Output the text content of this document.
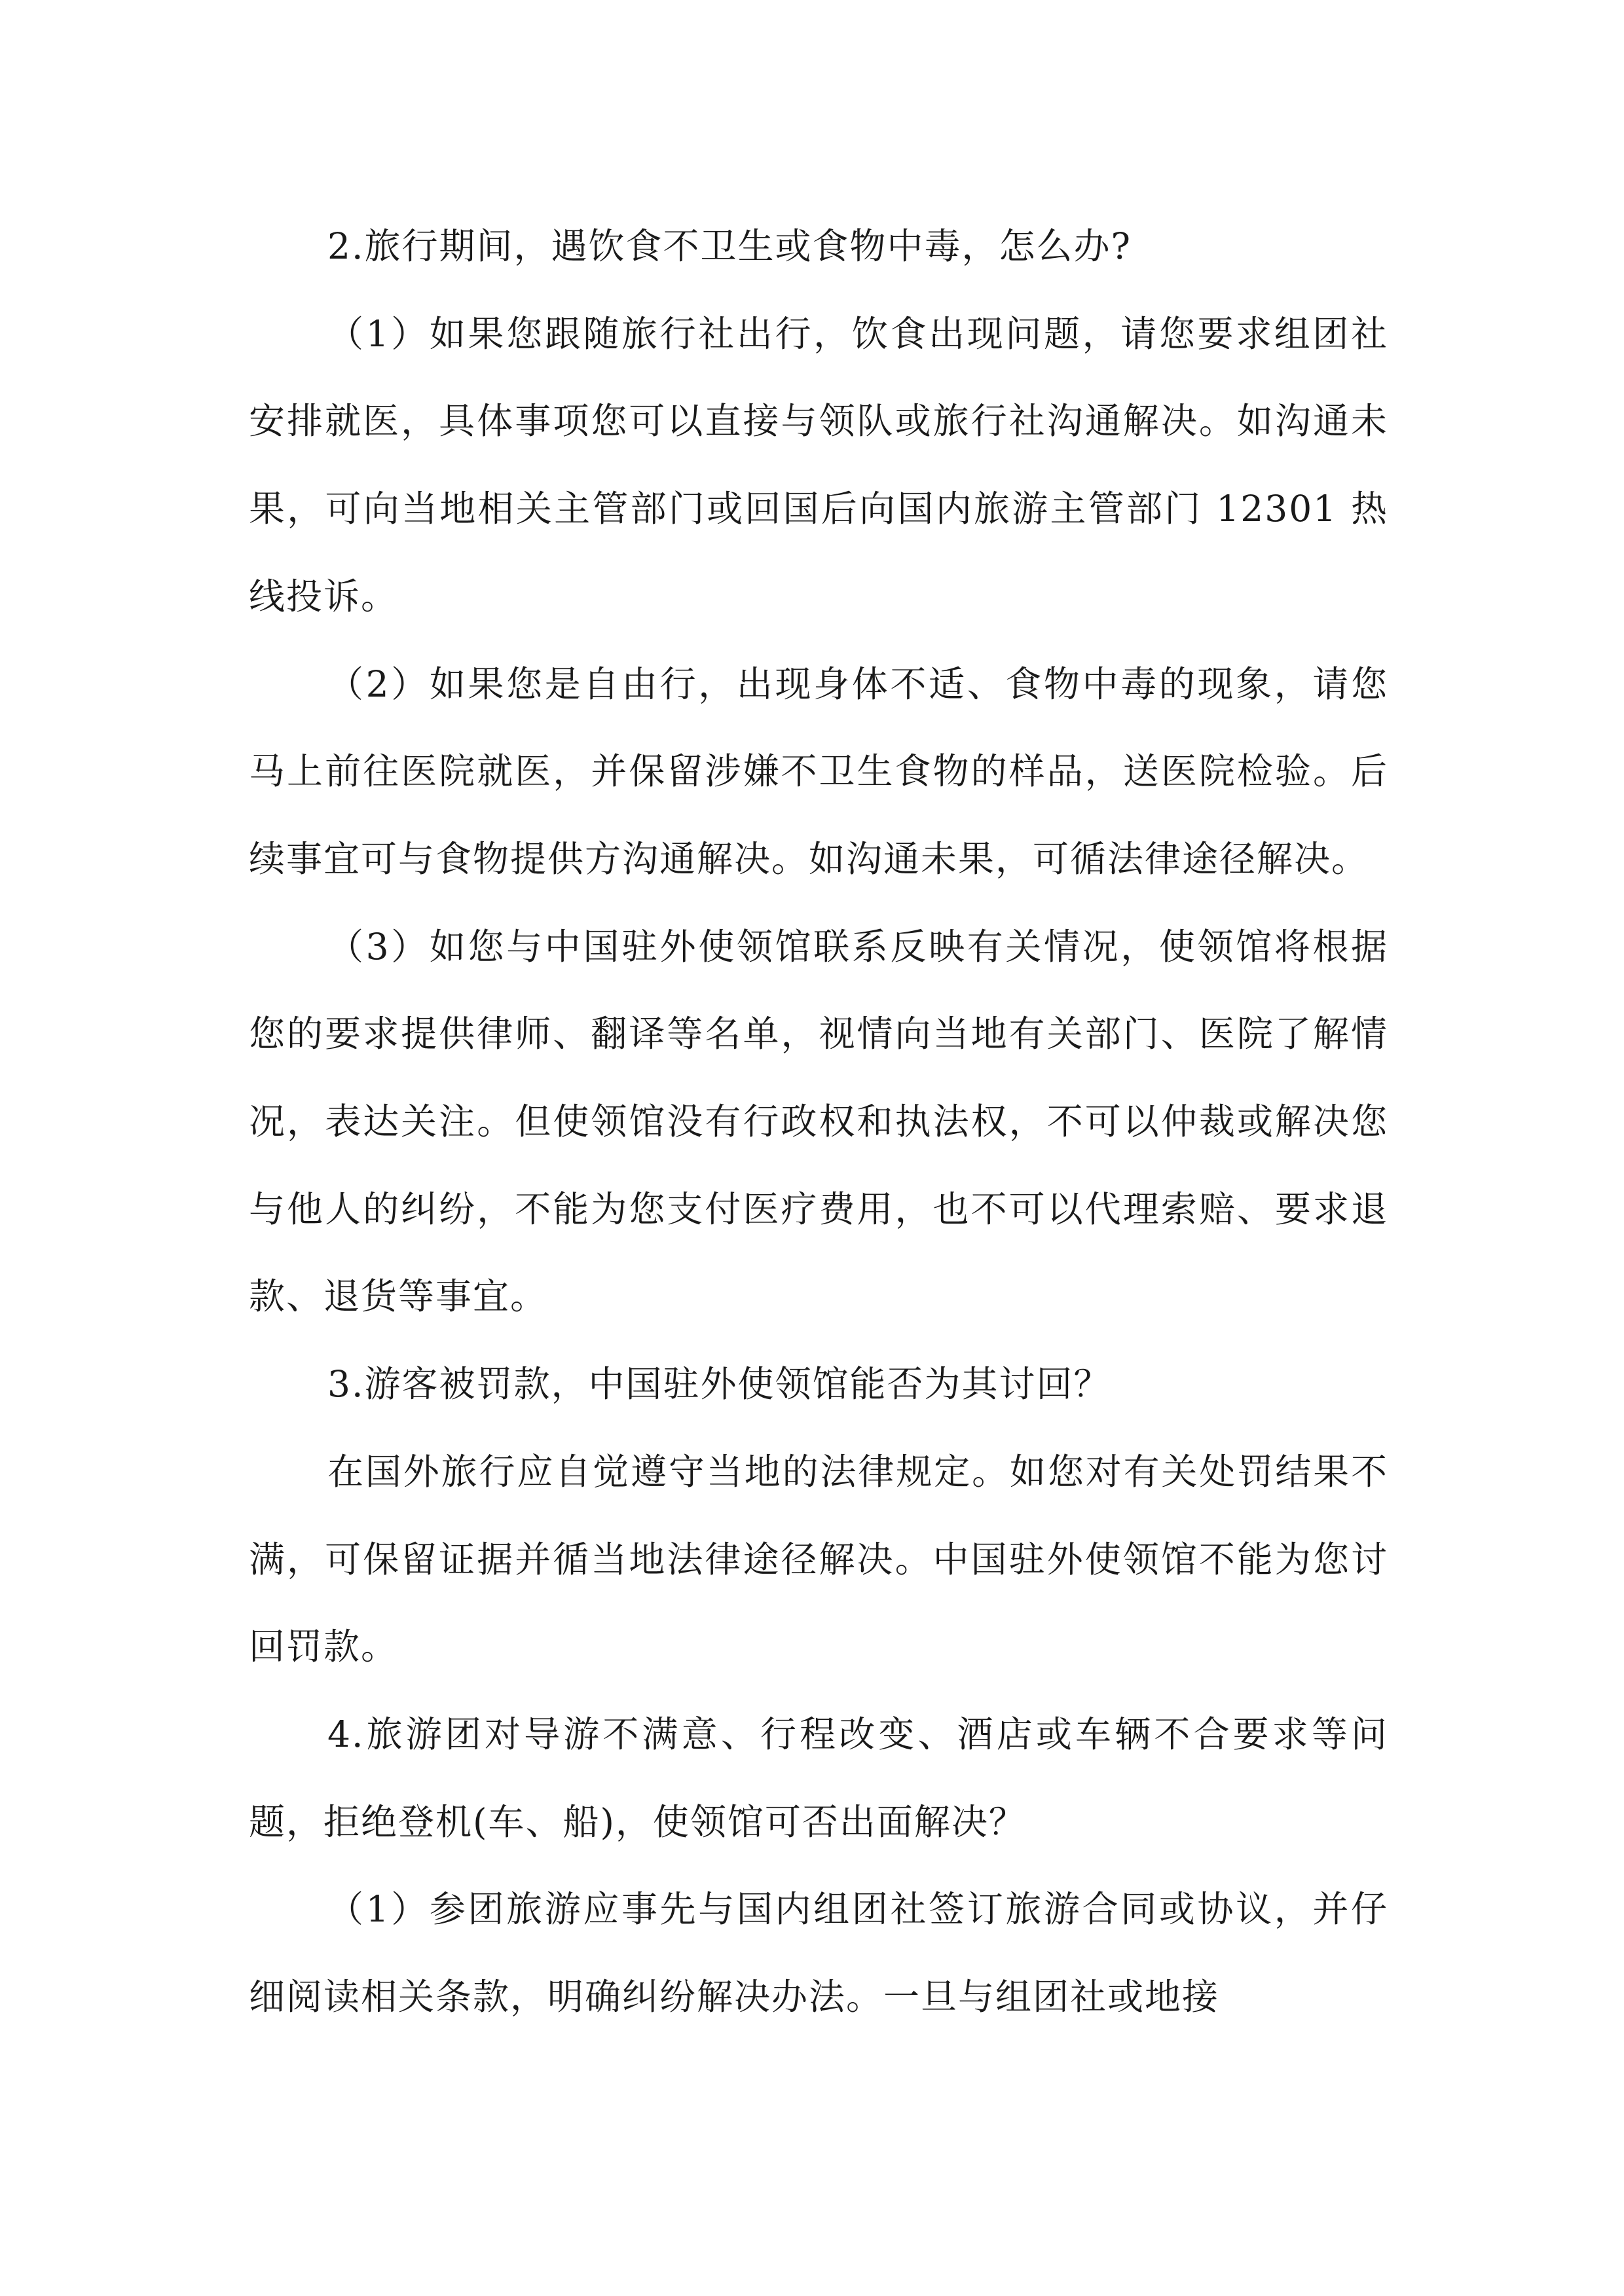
2.旅行期间，遇饮食不卫生或食物中毒，怎么办?

（1）如果您跟随旅行社出行，饮食出现问题，请您要求组团社安排就医，具体事项您可以直接与领队或旅行社沟通解决。如沟通未果，可向当地相关主管部门或回国后向国内旅游主管部门 12301 热线投诉。

（2）如果您是自由行，出现身体不适、食物中毒的现象，请您马上前往医院就医，并保留涉嫌不卫生食物的样品，送医院检验。后续事宜可与食物提供方沟通解决。如沟通未果，可循法律途径解决。

（3）如您与中国驻外使领馆联系反映有关情况，使领馆将根据您的要求提供律师、翻译等名单，视情向当地有关部门、医院了解情况，表达关注。但使领馆没有行政权和执法权，不可以仲裁或解决您与他人的纠纷，不能为您支付医疗费用，也不可以代理索赔、要求退款、退货等事宜。

3.游客被罚款，中国驻外使领馆能否为其讨回？

在国外旅行应自觉遵守当地的法律规定。如您对有关处罚结果不满，可保留证据并循当地法律途径解决。中国驻外使领馆不能为您讨回罚款。

4.旅游团对导游不满意、行程改变、酒店或车辆不合要求等问题，拒绝登机(车、船)，使领馆可否出面解决？

（1）参团旅游应事先与国内组团社签订旅游合同或协议，并仔细阅读相关条款，明确纠纷解决办法。一旦与组团社或地接
